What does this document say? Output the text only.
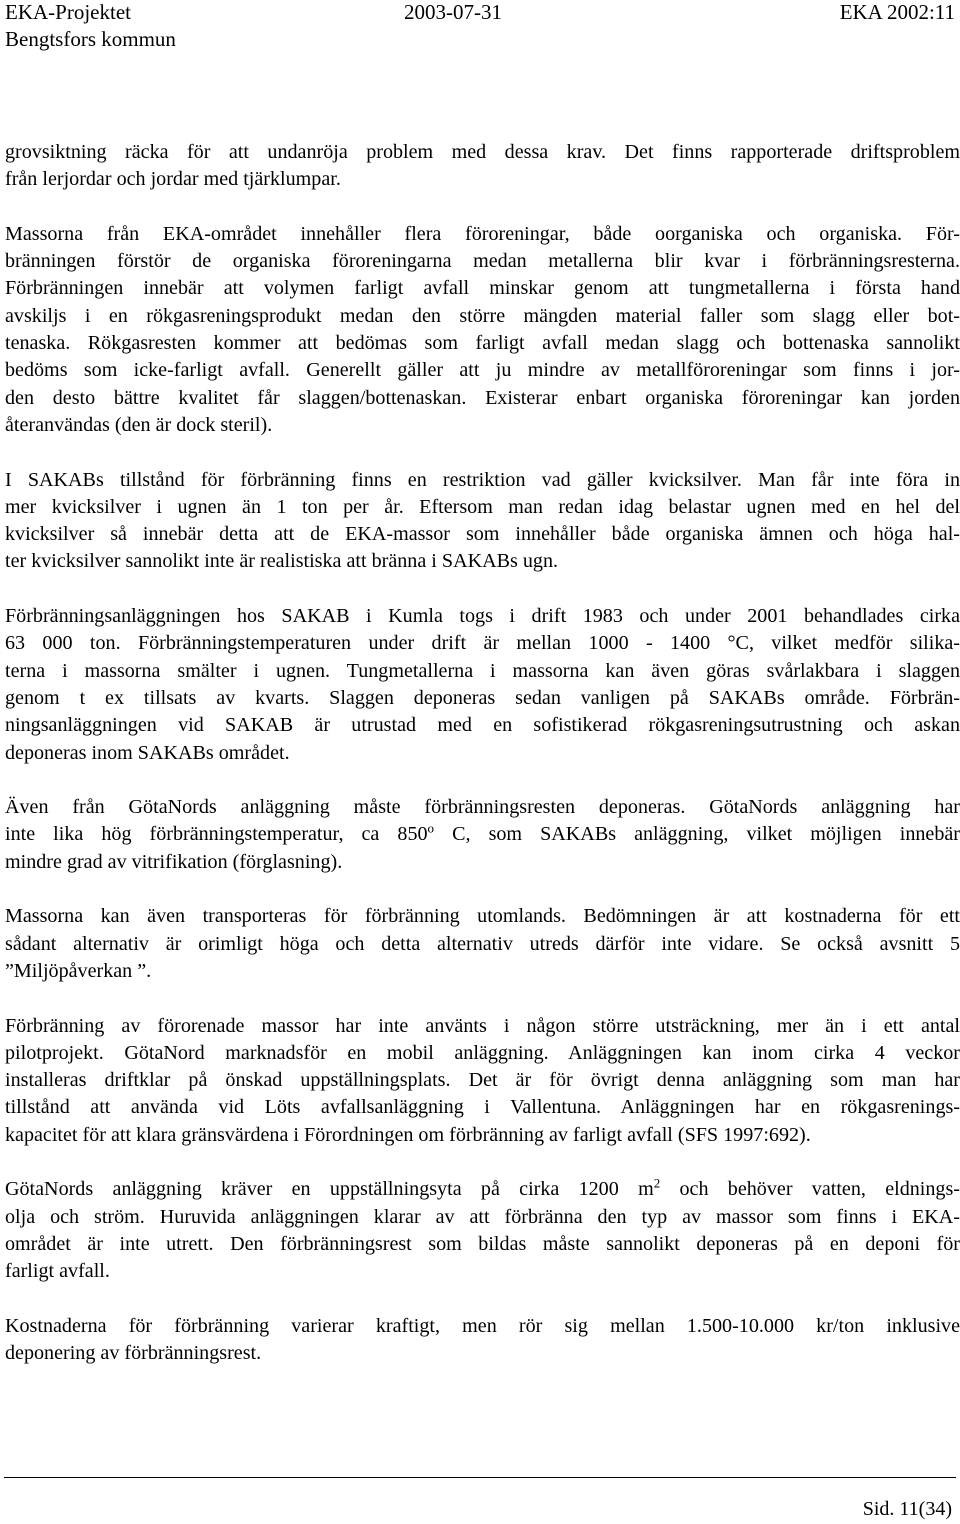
EKA-Projektet	2003-07-31	EKA 2002:11
Bengtsfors kommun

grovsiktning räcka för att undanröja problem med dessa krav. Det finns rapporterade driftsproblem
från lerjordar och jordar med tjärklumpar.

Massorna från EKA-området innehåller flera föroreningar, både oorganiska och organiska. För-
bränningen förstör de organiska föroreningarna medan metallerna blir kvar i förbränningsresterna.
Förbränningen innebär att volymen farligt avfall minskar genom att tungmetallerna i första hand
avskiljs i en rökgasreningsprodukt medan den större mängden material faller som slagg eller bot-
tenaska. Rökgasresten kommer att bedömas som farligt avfall medan slagg och bottenaska sannolikt
bedöms som icke-farligt avfall. Generellt gäller att ju mindre av metallföroreningar som finns i jor-
den desto bättre kvalitet får slaggen/bottenaskan. Existerar enbart organiska föroreningar kan jorden
återanvändas (den är dock steril).

I SAKABs tillstånd för förbränning finns en restriktion vad gäller kvicksilver. Man får inte föra in
mer kvicksilver i ugnen än 1 ton per år. Eftersom man redan idag belastar ugnen med en hel del
kvicksilver så innebär detta att de EKA-massor som innehåller både organiska ämnen och höga hal-
ter kvicksilver sannolikt inte är realistiska att bränna i SAKABs ugn.

Förbränningsanläggningen hos SAKAB i Kumla togs i drift 1983 och under 2001 behandlades cirka
63 000 ton. Förbränningstemperaturen under drift är mellan 1000 - 1400 °C, vilket medför silika-
terna i massorna smälter i ugnen. Tungmetallerna i massorna kan även göras svårlakbara i slaggen
genom t ex tillsats av kvarts. Slaggen deponeras sedan vanligen på SAKABs område. Förbrän-
ningsanläggningen vid SAKAB är utrustad med en sofistikerad rökgasreningsutrustning och askan
deponeras inom SAKABs området.

Även från GötaNords anläggning måste förbränningsresten deponeras. GötaNords anläggning har
inte lika hög förbränningstemperatur, ca 850$^o$ C, som SAKABs anläggning, vilket möjligen innebär
mindre grad av vitrifikation (förglasning).

Massorna kan även transporteras för förbränning utomlands. Bedömningen är att kostnaderna för ett
sådant alternativ är orimligt höga och detta alternativ utreds därför inte vidare. Se också avsnitt 5
”Miljöpåverkan ”.

Förbränning av förorenade massor har inte använts i någon större utsträckning, mer än i ett antal
pilotprojekt. GötaNord marknadsför en mobil anläggning. Anläggningen kan inom cirka 4 veckor
installeras driftklar på önskad uppställningsplats. Det är för övrigt denna anläggning som man har
tillstånd att använda vid Löts avfallsanläggning i Vallentuna. Anläggningen har en rökgasrenings-
kapacitet för att klara gränsvärdena i Förordningen om förbränning av farligt avfall (SFS 1997:692).

GötaNords anläggning kräver en uppställningsyta på cirka 1200 $m^2$ och behöver vatten, eldnings-
olja och ström. Huruvida anläggningen klarar av att förbränna den typ av massor som finns i EKA-
området är inte utrett. Den förbränningsrest som bildas måste sannolikt deponeras på en deponi för
farligt avfall.

Kostnaderna för förbränning varierar kraftigt, men rör sig mellan 1.500-10.000 kr/ton inklusive
deponering av förbränningsrest.

Sid. 11(34)
